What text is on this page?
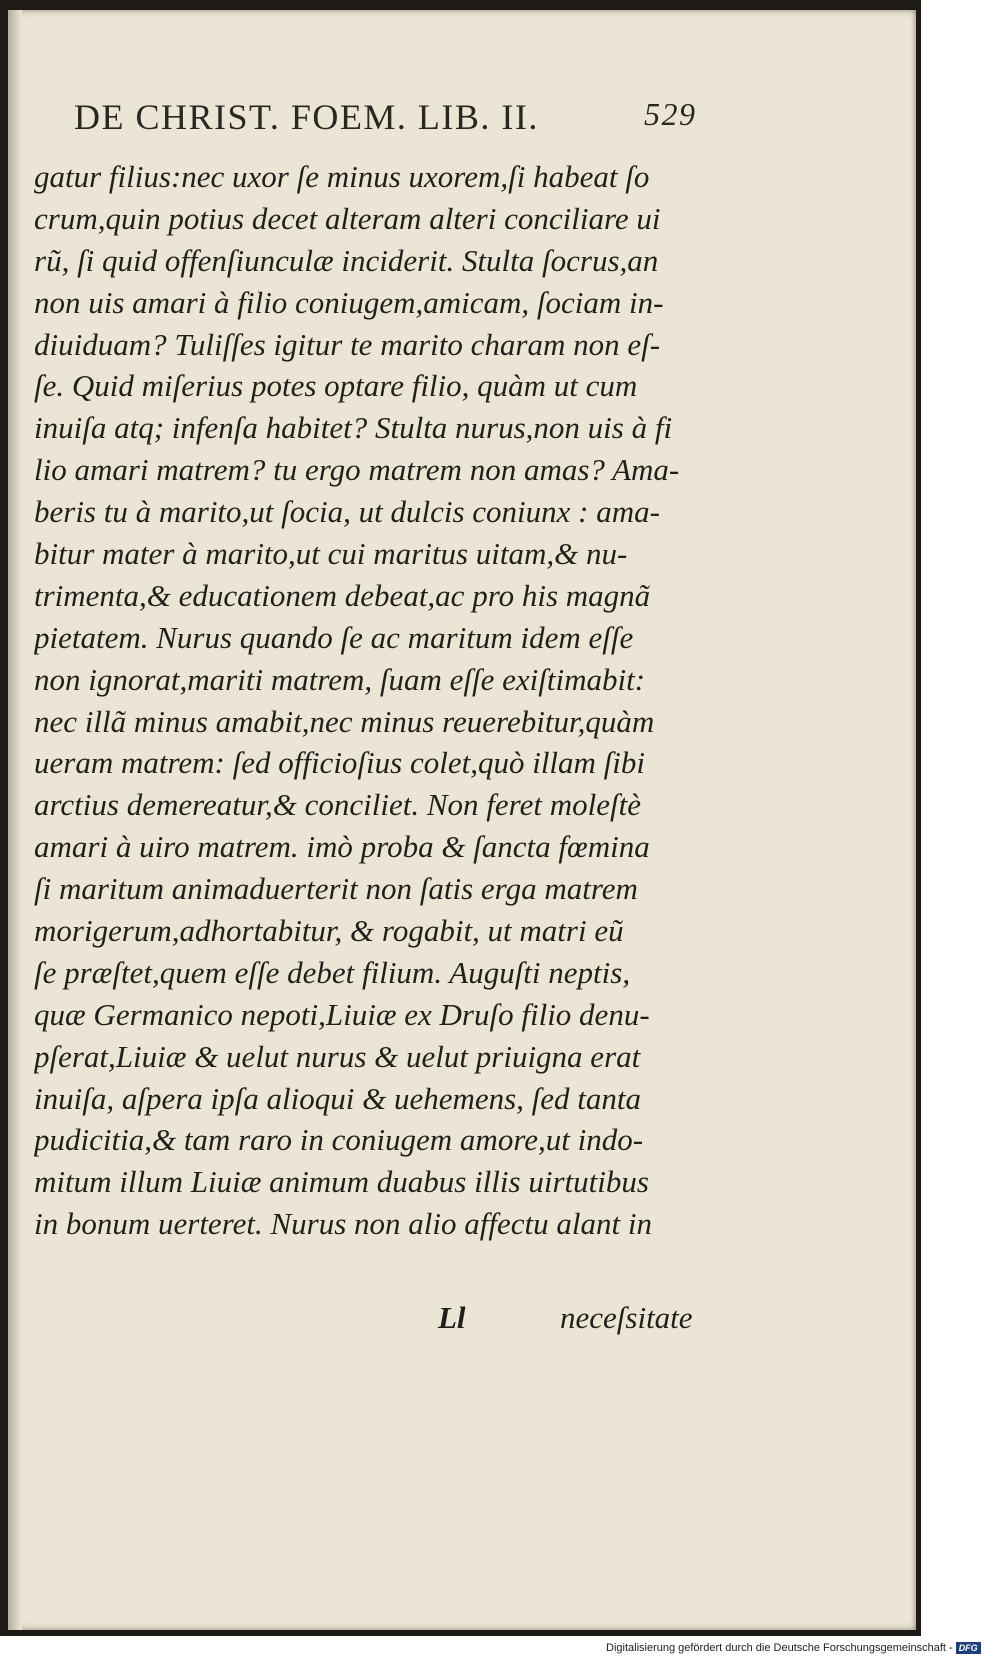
DE CHRIST. FOEM. LIB. II.	529
gatur filius:nec uxor ſe minus uxorem,ſi habeat ſo
crum,quin potius decet alteram alteri conciliare ui
rũ, ſi quid offenſiunculæ inciderit. Stulta ſocrus,an
non uis amari à filio coniugem,amicam, ſociam in-
diuiduam? Tuliſſes igitur te marito charam non eſ-
ſe. Quid miſerius potes optare filio, quàm ut cum
inuiſa atq; infenſa habitet? Stulta nurus,non uis à fi
lio amari matrem? tu ergo matrem non amas? Ama-
beris tu à marito,ut ſocia, ut dulcis coniunx : ama-
bitur mater à marito,ut cui maritus uitam,& nu-
trimenta,& educationem debeat,ac pro his magnã
pietatem. Nurus quando ſe ac maritum idem eſſe
non ignorat,mariti matrem, ſuam eſſe exiſtimabit:
nec illã minus amabit,nec minus reuerebitur,quàm
ueram matrem: ſed officioſius colet,quò illam ſibi
arctius demereatur,& conciliet. Non feret moleſtè
amari à uiro matrem. imò proba & ſancta fœmina
ſi maritum animaduerterit non ſatis erga matrem
morigerum,adhortabitur, & rogabit, ut matri eũ
ſe præſtet,quem eſſe debet filium. Auguſti neptis,
quæ Germanico nepoti,Liuiæ ex Druſo filio denu-
pſerat,Liuiæ & uelut nurus & uelut priuigna erat
inuiſa, aſpera ipſa alioqui & uehemens, ſed tanta
pudicitia,& tam raro in coniugem amore,ut indo-
mitum illum Liuiæ animum duabus illis uirtutibus
in bonum uerteret. Nurus non alio affectu alant in
Ll	neceſsitate
Digitalisierung gefördert durch die Deutsche Forschungsgemeinschaft - DFG
